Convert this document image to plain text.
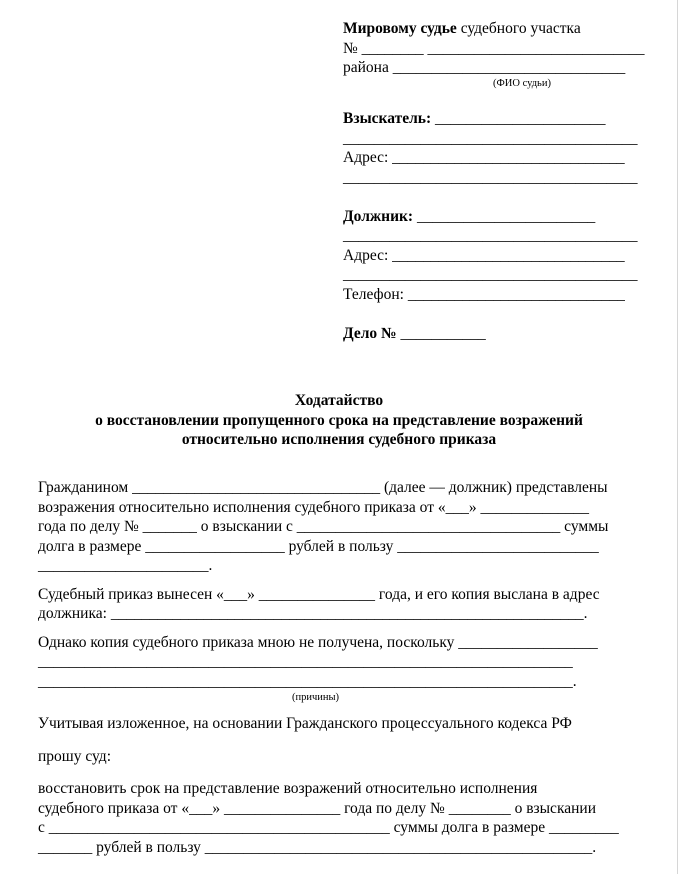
Мировому судье судебного участка
№ ________ ____________________________
района ______________________________
(ФИО судьи)
Взыскатель: ______________________
______________________________________
Адрес: ______________________________
______________________________________
Должник: _______________________
______________________________________
Адрес: ______________________________
______________________________________
Телефон: ____________________________
Дело № ___________
Ходатайство
о восстановлении пропущенного срока на представление возражений
относительно исполнения судебного приказа
Гражданином ________________________________ (далее — должник) представлены
возражения относительно исполнения судебного приказа от «___» ______________
года по делу № _______ о взыскании с __________________________________ суммы
долга в размере __________________ рублей в пользу __________________________
______________________.
Судебный приказ вынесен «___» _______________ года, и его копия выслана в адрес
должника: _____________________________________________________________.
Однако копия судебного приказа мною не получена, поскольку __________________
_____________________________________________________________________
_____________________________________________________________________.
(причины)
Учитывая изложенное, на основании Гражданского процессуального кодекса РФ
прошу суд:
восстановить срок на представление возражений относительно исполнения
судебного приказа от «___» _______________ года по делу № ________ о взыскании
с ____________________________________________ суммы долга в размере _________
_______ рублей в пользу __________________________________________________.
